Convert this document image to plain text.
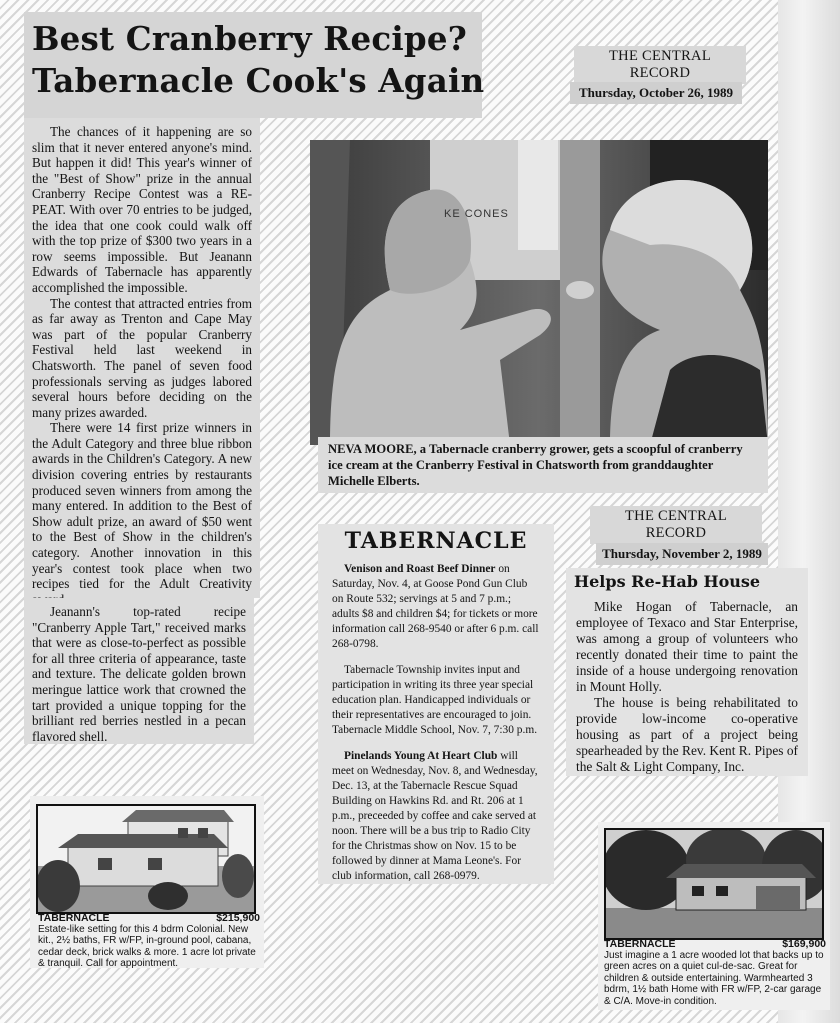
Best Cranberry Recipe?
Tabernacle Cook's Again
THE CENTRAL RECORD
Thursday, October 26, 1989

The chances of it happening are so slim that it never entered anyone's mind. But happen it did! This year's winner of the "Best of Show" prize in the annual Cranberry Recipe Contest was a RE-PEAT. With over 70 entries to be judged, the idea that one cook could walk off with the top prize of $300 two years in a row seems impossible. But Jeanann Edwards of Tabernacle has apparently accomplished the impossible.

The contest that attracted entries from as far away as Trenton and Cape May was part of the popular Cranberry Festival held last weekend in Chatsworth. The panel of seven food professionals serving as judges labored several hours before deciding on the many prizes awarded.

There were 14 first prize winners in the Adult Category and three blue ribbon awards in the Children's Category. A new division covering entries by restaurants produced seven winners from among the many entered. In addition to the Best of Show adult prize, an award of $50 went to the Best of Show in the children's category. Another innovation in this year's contest took place when two recipes tied for the Adult Creativity

Jeanann's top-rated recipe "Cranberry Apple Tart," received marks that were as close-to-perfect as possible for all three criteria of appearance, taste and texture. The delicate golden brown meringue lattice work that crowned the tart provided a unique topping for the brilliant red berries nestled in a pecan flavored shell.

KE CONES
NEVA MOORE, a Tabernacle cranberry grower, gets a scoopful of cranberry ice cream at the Cranberry Festival in Chatsworth from granddaughter Michelle Elberts.
THE CENTRAL RECORD
Thursday, November 2, 1989
TABERNACLE

Venison and Roast Beef Dinner on Saturday, Nov. 4, at Goose Pond Gun Club on Route 532; servings at 5 and 7 p.m.; adults $8 and children $4; for tickets or more information call 268-9540 or after 6 p.m. call 268-0798.

Tabernacle Township invites input and participation in writing its three year special education plan. Handicapped individuals or their representatives are encouraged to join. Tabernacle Middle School, Nov. 7, 7:30 p.m.

Pinelands Young At Heart Club will meet on Wednesday, Nov. 8, and Wednesday, Dec. 13, at the Tabernacle Rescue Squad Building on Hawkins Rd. and Rt. 206 at 1 p.m., preceeded by coffee and cake served at noon. There will be a bus trip to Radio City for the Christmas show on Nov. 15 to be followed by dinner at Mama Leone's. For club information, call 268-0979.

Helps Re-Hab House

Mike Hogan of Tabernacle, an employee of Texaco and Star Enterprise, was among a group of volunteers who recently donated their time to paint the inside of a house undergoing renovation in Mount Holly.

The house is being rehabilitated to provide low-income co-operative housing as part of a project being spearheaded by the Rev. Kent R. Pipes of the Salt & Light Company, Inc.

TABERNACLE	$215,900
Estate-like setting for this 4 bdrm Colonial. New kit., 2½ baths, FR w/FP, in-ground pool, cabana, cedar deck, brick walks & more. 1 acre lot private & tranquil. Call for appointment.
TABERNACLE	$169,900
Just imagine a 1 acre wooded lot that backs up to green acres on a quiet cul-de-sac. Great for children & outside entertaining. Warmhearted 3 bdrm, 1½ bath Home with FR w/FP, 2-car garage & C/A. Move-in condition.
